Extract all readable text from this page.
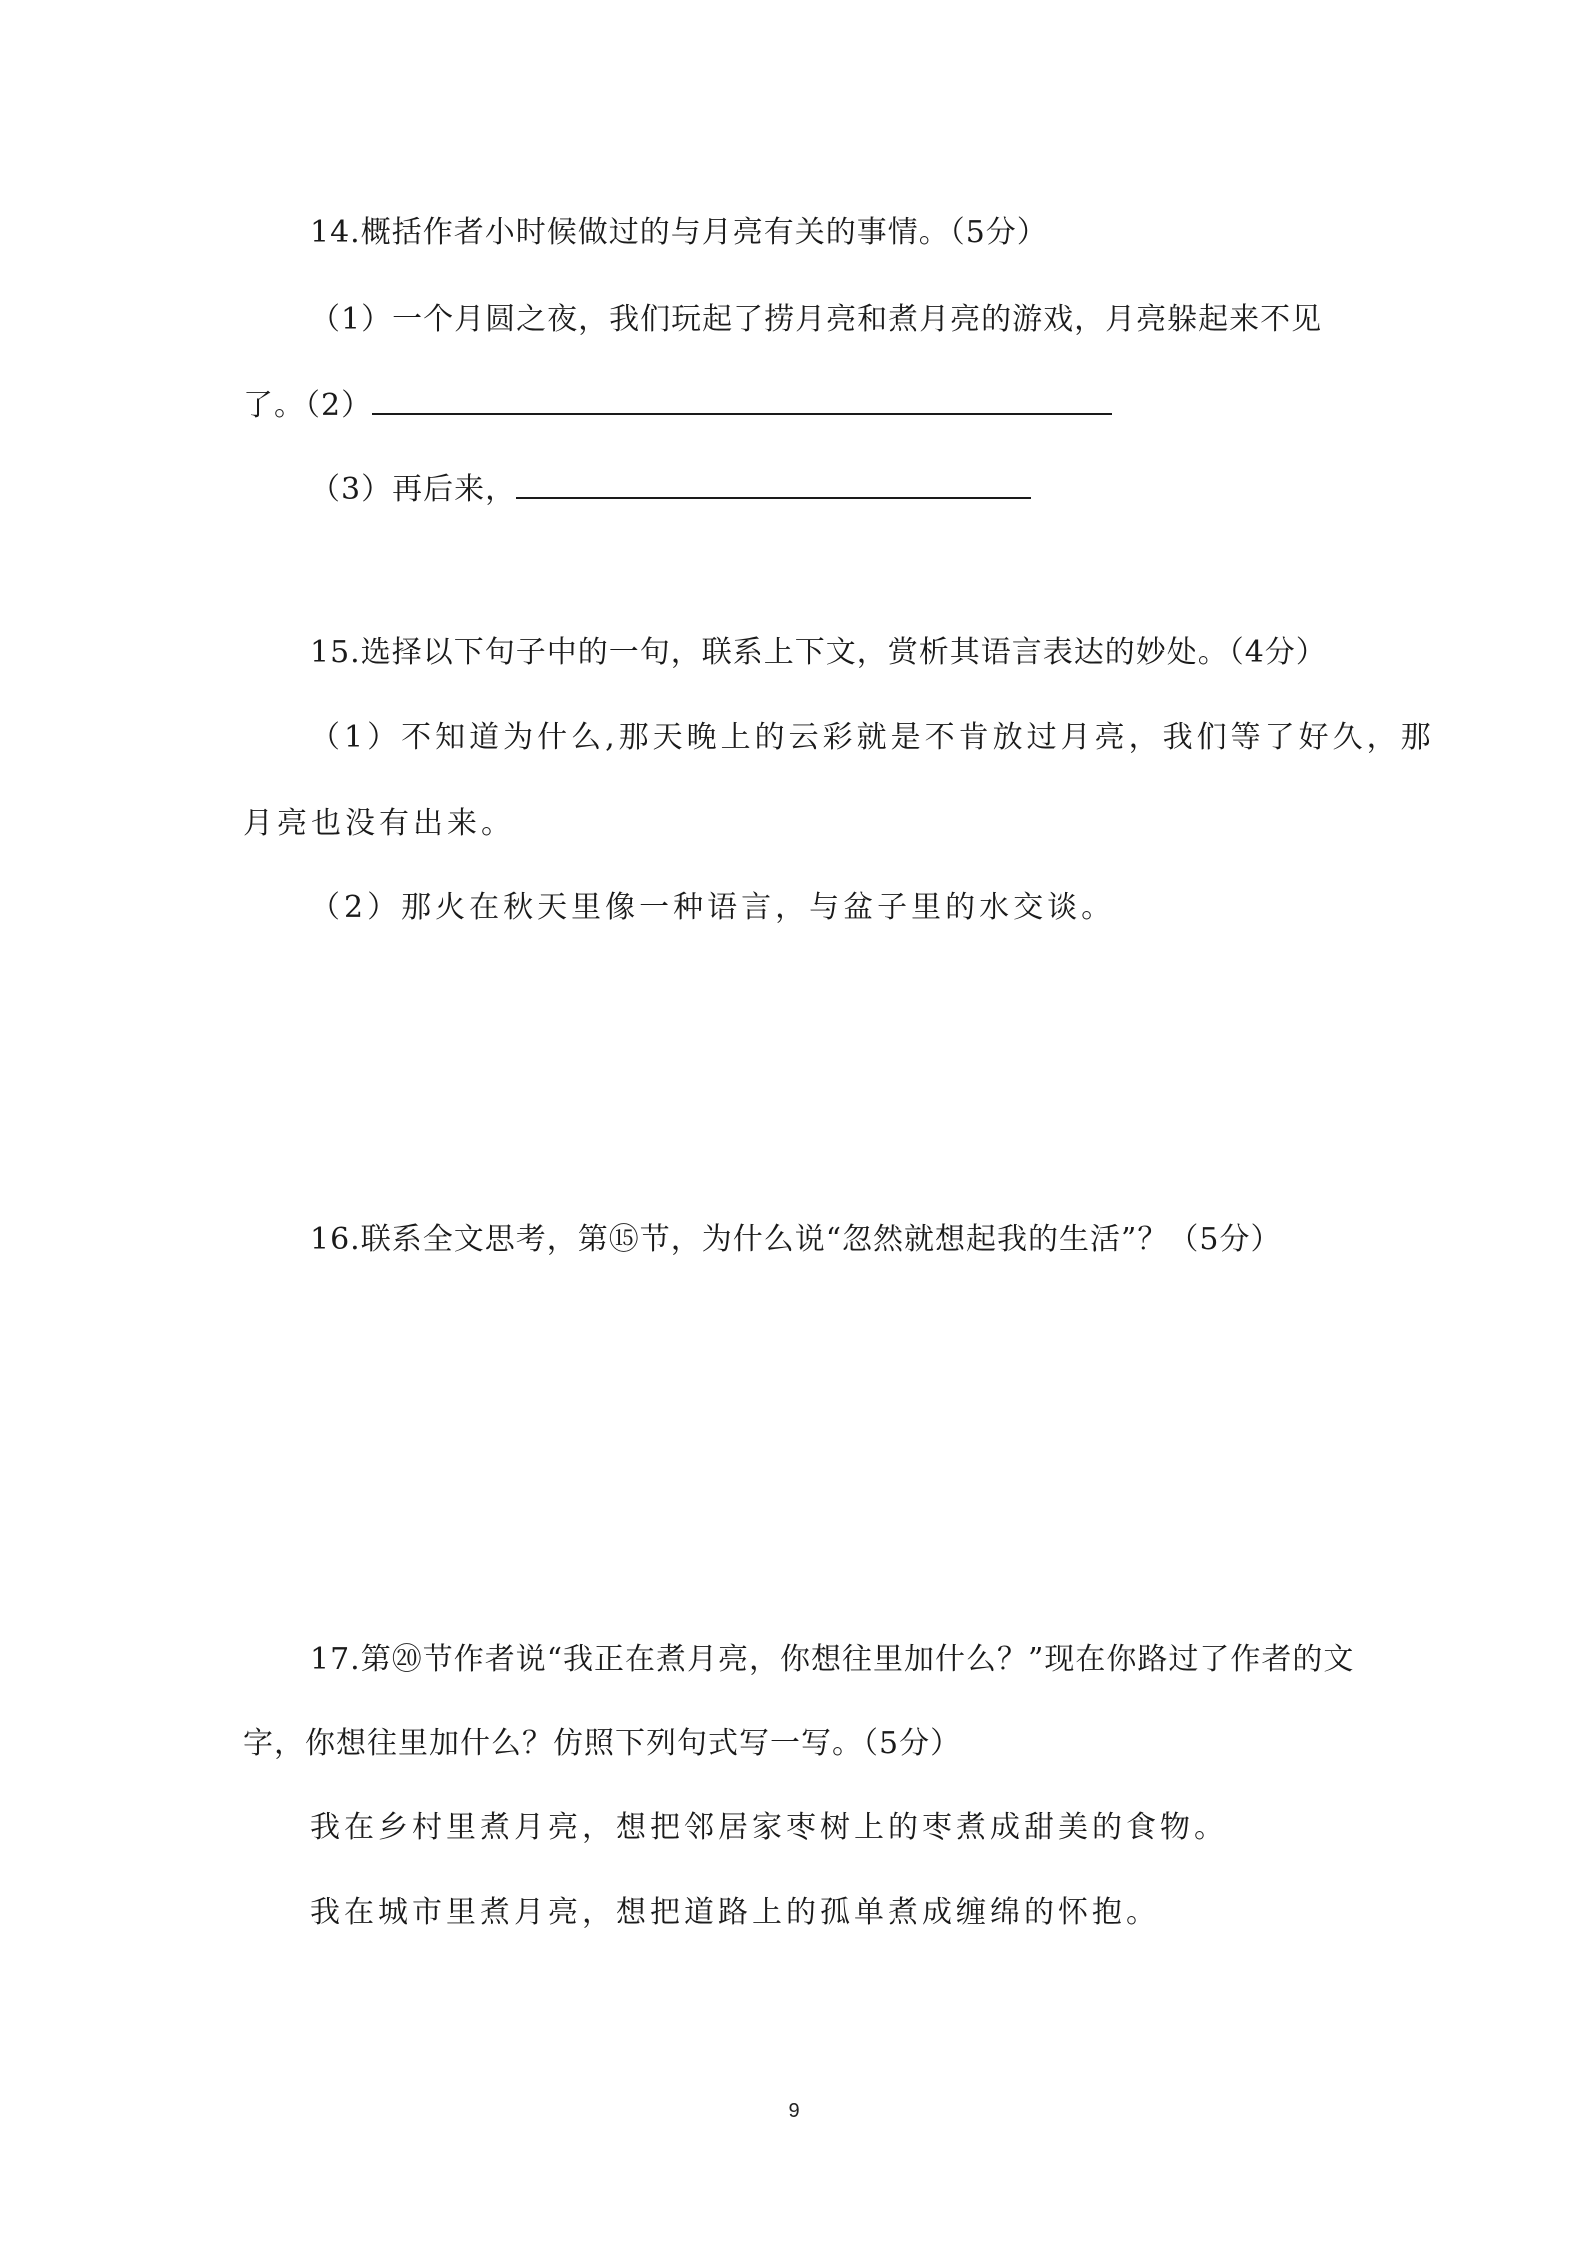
14.概括作者小时候做过的与月亮有关的事情。（5分）
（1）一个月圆之夜，我们玩起了捞月亮和煮月亮的游戏，月亮躲起来不见
了。（2）
（3）再后来，
15.选择以下句子中的一句，联系上下文，赏析其语言表达的妙处。（4分）
（1）不知道为什么,那天晚上的云彩就是不肯放过月亮，我们等了好久，那
月亮也没有出来。
（2）那火在秋天里像一种语言，与盆子里的水交谈。
16.联系全文思考，第⑮节，为什么说“忽然就想起我的生活”？（5分）
17.第⑳节作者说“我正在煮月亮，你想往里加什么？”现在你路过了作者的文
字，你想往里加什么？仿照下列句式写一写。（5分）
我在乡村里煮月亮，想把邻居家枣树上的枣煮成甜美的食物。
我在城市里煮月亮，想把道路上的孤单煮成缠绵的怀抱。
9
